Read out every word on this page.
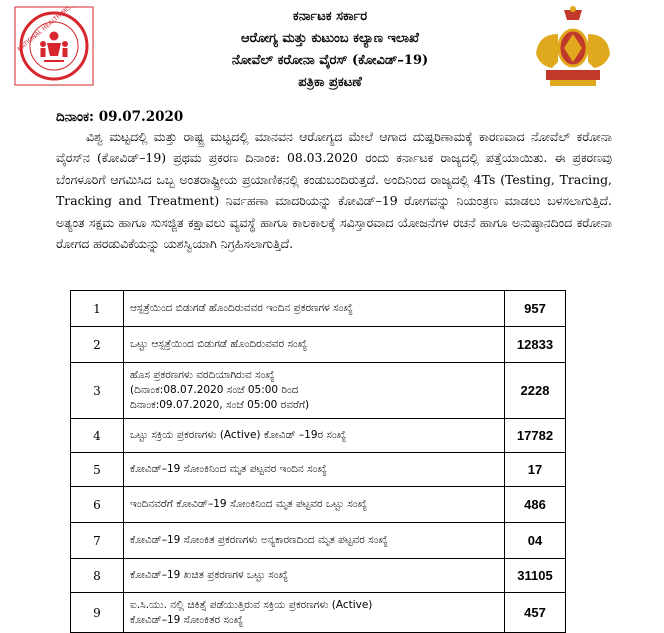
ಕರ್ನಾಟಕ ಸರ್ಕಾರ
ಆರೋಗ್ಯ ಮತ್ತು ಕುಟುಂಬ ಕಲ್ಯಾಣ ಇಲಾಖೆ
ನೋವೆಲ್ ಕರೋನಾ ವೈರಸ್ (ಕೋವಿಡ್–19)
ಪತ್ರಿಕಾ ಪ್ರಕಟಣೆ
ದಿನಾಂಕ: 09.07.2020
ವಿಶ್ವ ಮಟ್ಟದಲ್ಲಿ ಮತ್ತು ರಾಷ್ಟ್ರ ಮಟ್ಟದಲ್ಲಿ ಮಾನವನ ಆರೋಗ್ಯದ ಮೇಲೆ ಆಗಾದ ದುಷ್ಪರಿಣಾಮಕ್ಕೆ ಕಾರಣವಾದ ನೋವೆಲ್ ಕರೋನಾ ವೈರಸ್‌ನ (ಕೋವಿಡ್–19) ಪ್ರಥಮ ಪ್ರಕರಣ ದಿನಾಂಕ: 08.03.2020 ರಂದು ಕರ್ನಾಟಕ ರಾಜ್ಯದಲ್ಲಿ ಪತ್ತೆಯಾಯಿತು. ಈ ಪ್ರಕರಣವು ಬೆಂಗಳೂರಿಗೆ ಆಗಮಿಸಿದ ಒಬ್ಬ ಅಂತರಾಷ್ಟ್ರೀಯ ಪ್ರಯಾಣಿಕನಲ್ಲಿ ಕಂಡುಬಂದಿರುತ್ತದೆ. ಅಂದಿನಿಂದ ರಾಜ್ಯದಲ್ಲಿ 4Ts (Testing, Tracing, Tracking and Treatment) ನಿರ್ವಹಣಾ ಮಾದರಿಯನ್ನು ಕೋವಿಡ್–19 ರೋಗವನ್ನು ನಿಯಂತ್ರಣ ಮಾಡಲು ಬಳಸಲಾಗುತ್ತಿದೆ. ಅತ್ಯಂತ ಸಕ್ಷಮ ಹಾಗೂ ಸುಸಜ್ಜಿತ ಕಕ್ಷಾವಲು ವ್ಯವಸ್ಥೆ ಹಾಗೂ ಕಾಲಕಾಲಕ್ಕೆ ಸವಿಸ್ತಾರವಾದ ಯೋಜನೆಗಳ ರಚನೆ ಹಾಗೂ ಅನುಷ್ಠಾನದಿಂದ ಕರೋನಾ ರೋಗದ ಹರಡುವಿಕೆಯನ್ನು ಯಶಸ್ವಿಯಾಗಿ ನಿಗ್ರಹಿಸಲಾಗುತ್ತಿದೆ.
1	ಆಸ್ಪತ್ರೆಯಿಂದ ಬಿಡುಗಡೆ ಹೊಂದಿರುವವರ ಇಂದಿನ ಪ್ರಕರಣಗಳ ಸಂಖ್ಯೆ	957
2	ಒಟ್ಟು ಆಸ್ಪತ್ರೆಯಿಂದ ಬಿಡುಗಡೆ ಹೊಂದಿರುವವರ ಸಂಖ್ಯೆ	12833
3	ಹೊಸ ಪ್ರಕರಣಗಳು ವರದಿಯಾಗಿರುವ ಸಂಖ್ಯೆ
(ದಿನಾಂಕ:08.07.2020 ಸಂಜೆ 05:00 ರಿಂದ
ದಿನಾಂಕ:09.07.2020, ಸಂಜೆ 05:00 ರವರೆಗೆ)	2228
4	ಒಟ್ಟು ಸಕ್ರಿಯ ಪ್ರಕರಣಗಳು (Active) ಕೋವಿಡ್ –19ರ ಸಂಖ್ಯೆ	17782
5	ಕೋವಿಡ್–19 ಸೋಂಕಿನಿಂದ ಮೃತ ಪಟ್ಟವರ ಇಂದಿನ ಸಂಖ್ಯೆ	17
6	ಇಂದಿನವರೆಗೆ ಕೋವಿಡ್–19 ಸೋಂಕಿನಿಂದ ಮೃತ ಪಟ್ಟವರ ಒಟ್ಟು ಸಂಖ್ಯೆ	486
7	ಕೋವಿಡ್–19 ಸೋಂಕಿತ ಪ್ರಕರಣಗಳು ಅನ್ಯಕಾರಣದಿಂದ ಮೃತ ಪಟ್ಟವರ ಸಂಖ್ಯೆ	04
8	ಕೋವಿಡ್–19 ಖಚಿತ ಪ್ರಕರಣಗಳ ಒಟ್ಟು ಸಂಖ್ಯೆ	31105
9	ಐ.ಸಿ.ಯು. ನಲ್ಲಿ ಚಿಕಿತ್ಸೆ ಪಡೆಯುತ್ತಿರುವ ಸಕ್ರಿಯ ಪ್ರಕರಣಗಳು (Active)
ಕೋವಿಡ್–19 ಸೋಂಕಿತರ ಸಂಖ್ಯೆ	457
